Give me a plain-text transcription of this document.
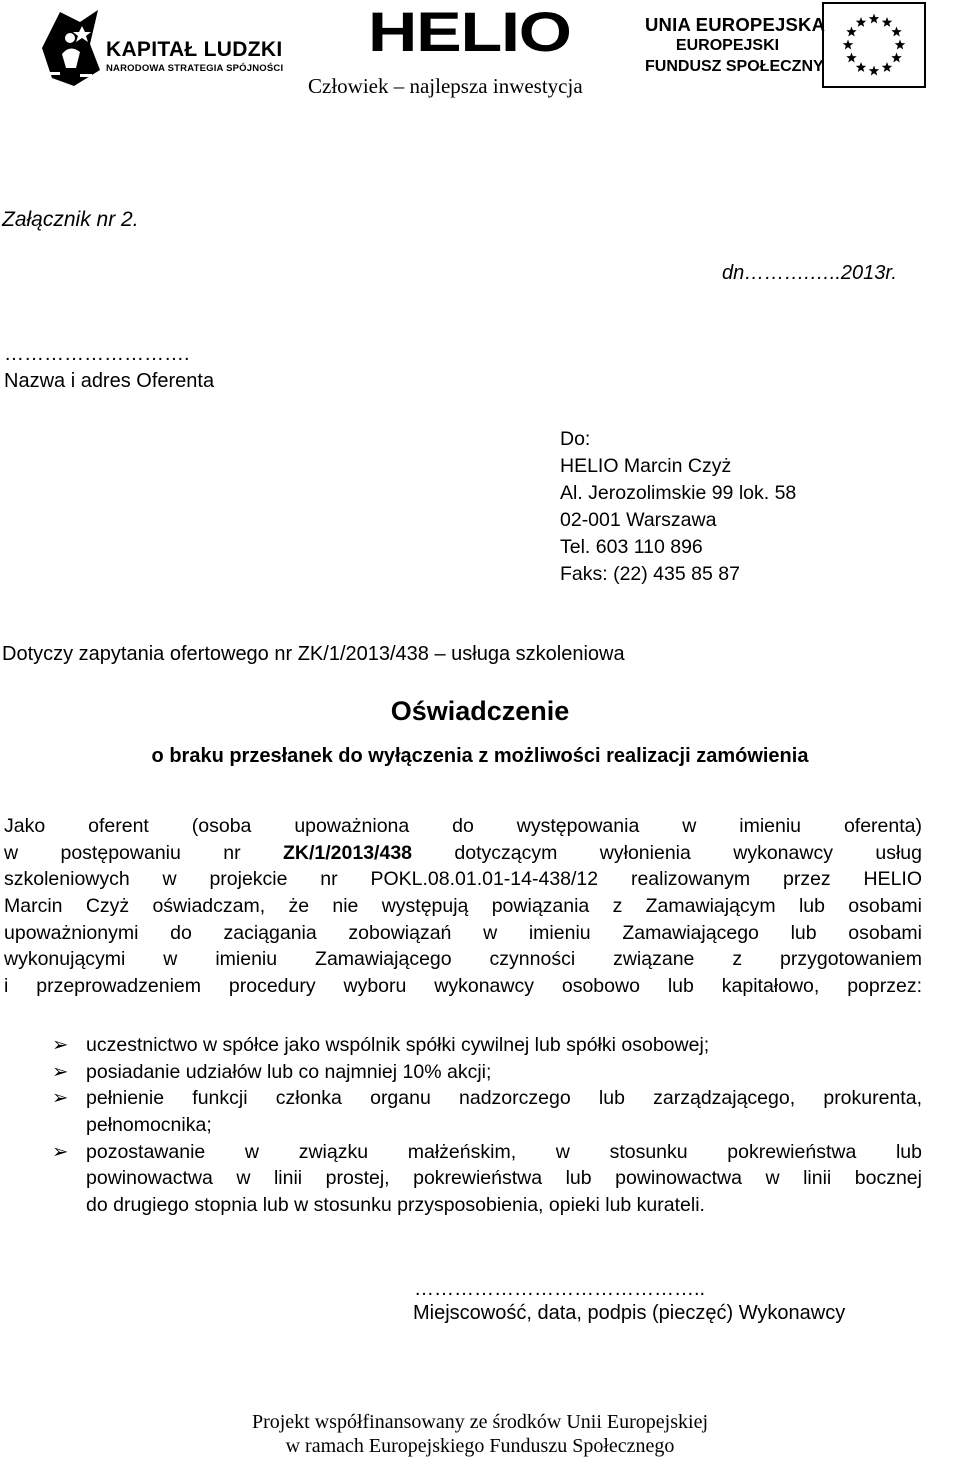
KAPITAŁ LUDZKI
NARODOWA STRATEGIA SPÓJNOŚCI
HELIO
Człowiek – najlepsza inwestycja
UNIA EUROPEJSKA
EUROPEJSKI
FUNDUSZ SPOŁECZNY
Załącznik nr 2.
dn……….…..2013r.
……………………….
Nazwa i adres Oferenta
Do:
HELIO Marcin Czyż
Al. Jerozolimskie 99 lok. 58
02-001 Warszawa
Tel. 603 110 896
Faks: (22) 435 85 87
Dotyczy zapytania ofertowego nr ZK/1/2013/438 – usługa szkoleniowa
Oświadczenie
o braku przesłanek do wyłączenia z możliwości realizacji zamówienia
Jako oferent (osoba upoważniona do występowania w imieniu oferenta)
w postępowaniu nr ZK/1/2013/438 dotyczącym wyłonienia wykonawcy usług
szkoleniowych w projekcie nr POKL.08.01.01-14-438/12 realizowanym przez HELIO
Marcin Czyż oświadczam, że nie występują powiązania z Zamawiającym lub osobami
upoważnionymi do zaciągania zobowiązań w imieniu Zamawiającego lub osobami
wykonującymi w imieniu Zamawiającego czynności związane z przygotowaniem
i przeprowadzeniem procedury wyboru wykonawcy osobowo lub kapitałowo, poprzez:
➢ uczestnictwo w spółce jako wspólnik spółki cywilnej lub spółki osobowej;
➢ posiadanie udziałów lub co najmniej 10% akcji;
➢ pełnienie funkcji członka organu nadzorczego lub zarządzającego, prokurenta,
pełnomocnika;
➢ pozostawanie w związku małżeńskim, w stosunku pokrewieństwa lub
powinowactwa w linii prostej, pokrewieństwa lub powinowactwa w linii bocznej
do drugiego stopnia lub w stosunku przysposobienia, opieki lub kurateli.
……………………………………..
Miejscowość, data, podpis (pieczęć) Wykonawcy
Projekt współfinansowany ze środków Unii Europejskiej
w ramach Europejskiego Funduszu Społecznego
